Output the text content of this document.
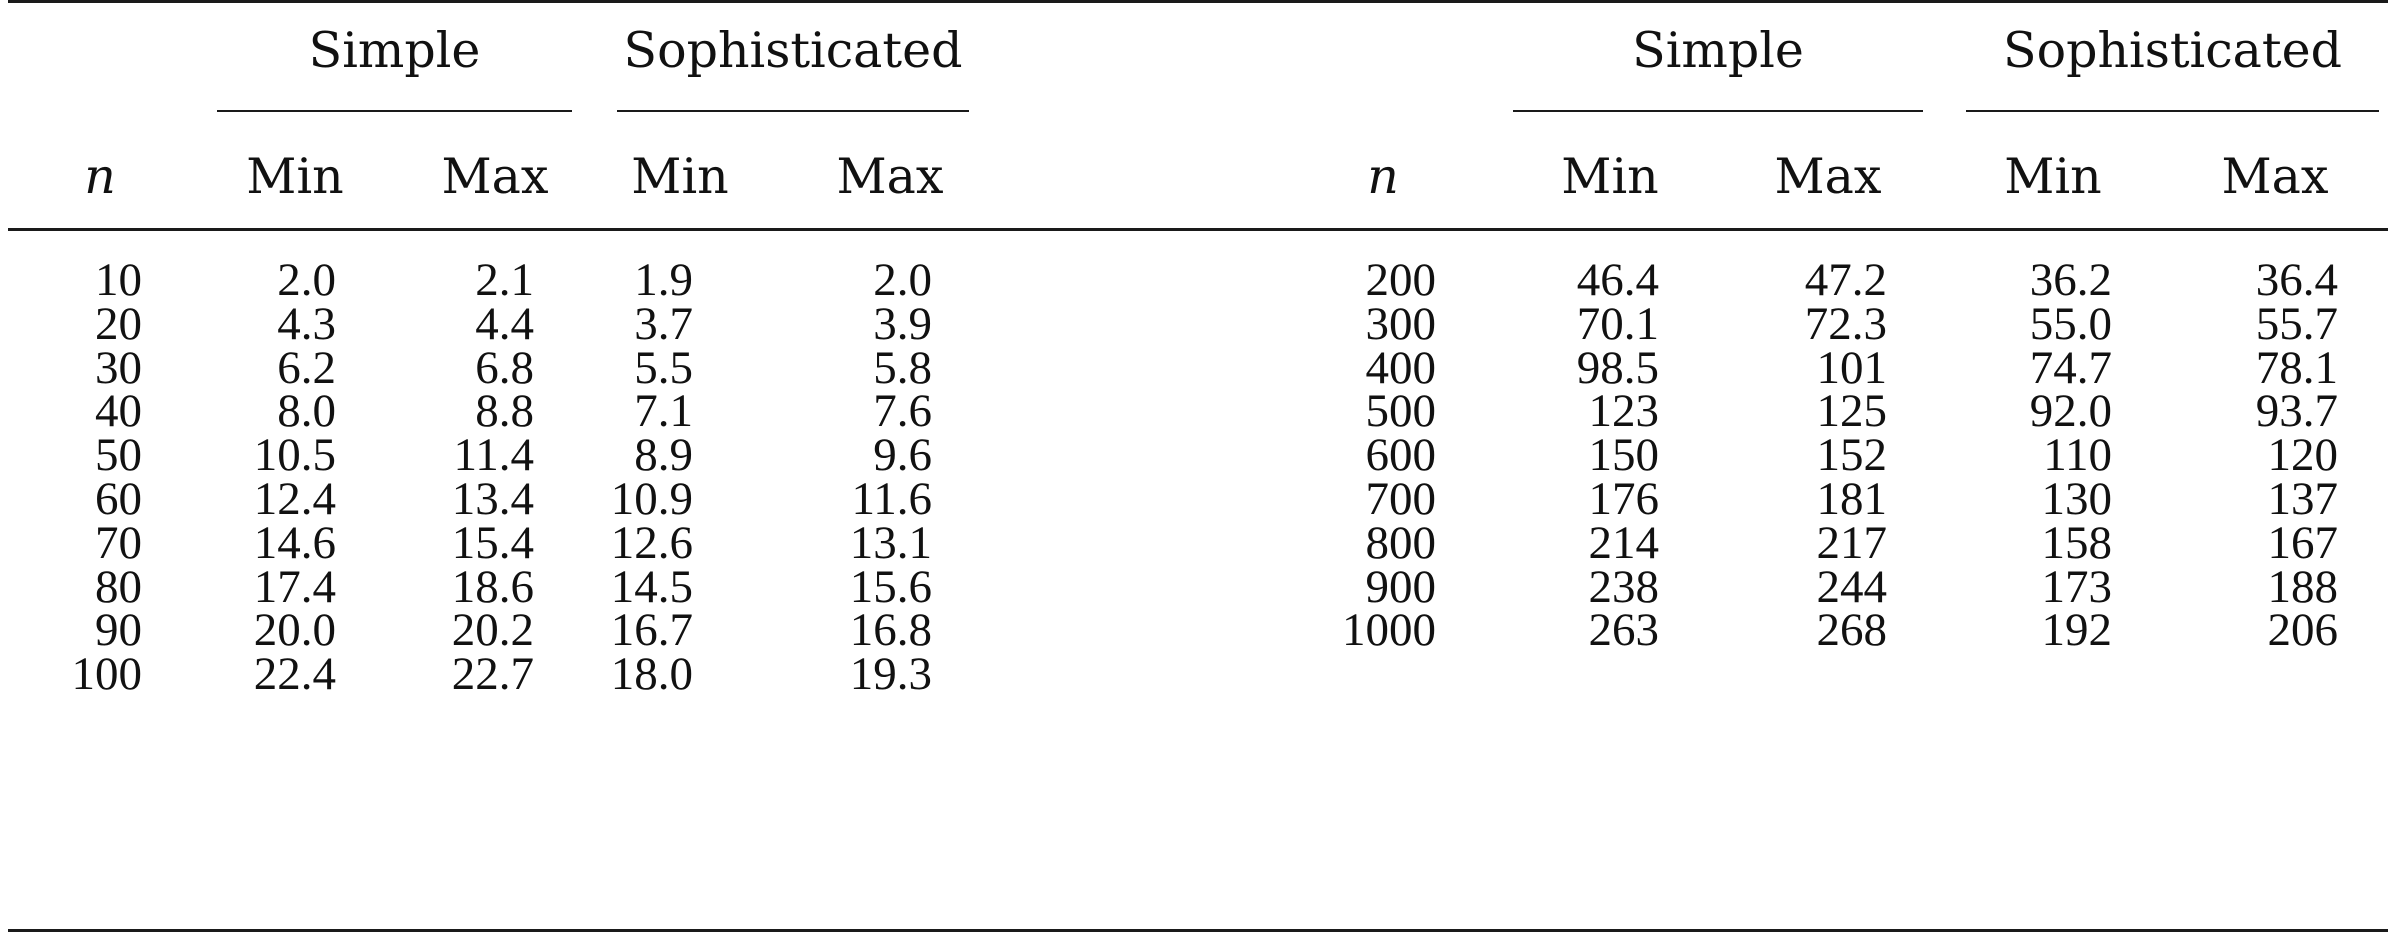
Simple	Sophisticated
n	Min	Max	Min	Max
10	2.0	2.1	1.9	2.0
20	4.3	4.4	3.7	3.9
30	6.2	6.8	5.5	5.8
40	8.0	8.8	7.1	7.6
50	10.5	11.4	8.9	9.6
60	12.4	13.4	10.9	11.6
70	14.6	15.4	12.6	13.1
80	17.4	18.6	14.5	15.6
90	20.0	20.2	16.7	16.8
100	22.4	22.7	18.0	19.3
Simple	Sophisticated
n	Min	Max	Min	Max
200	46.4	47.2	36.2	36.4
300	70.1	72.3	55.0	55.7
400	98.5	101	74.7	78.1
500	123	125	92.0	93.7
600	150	152	110	120
700	176	181	130	137
800	214	217	158	167
900	238	244	173	188
1000	263	268	192	206
